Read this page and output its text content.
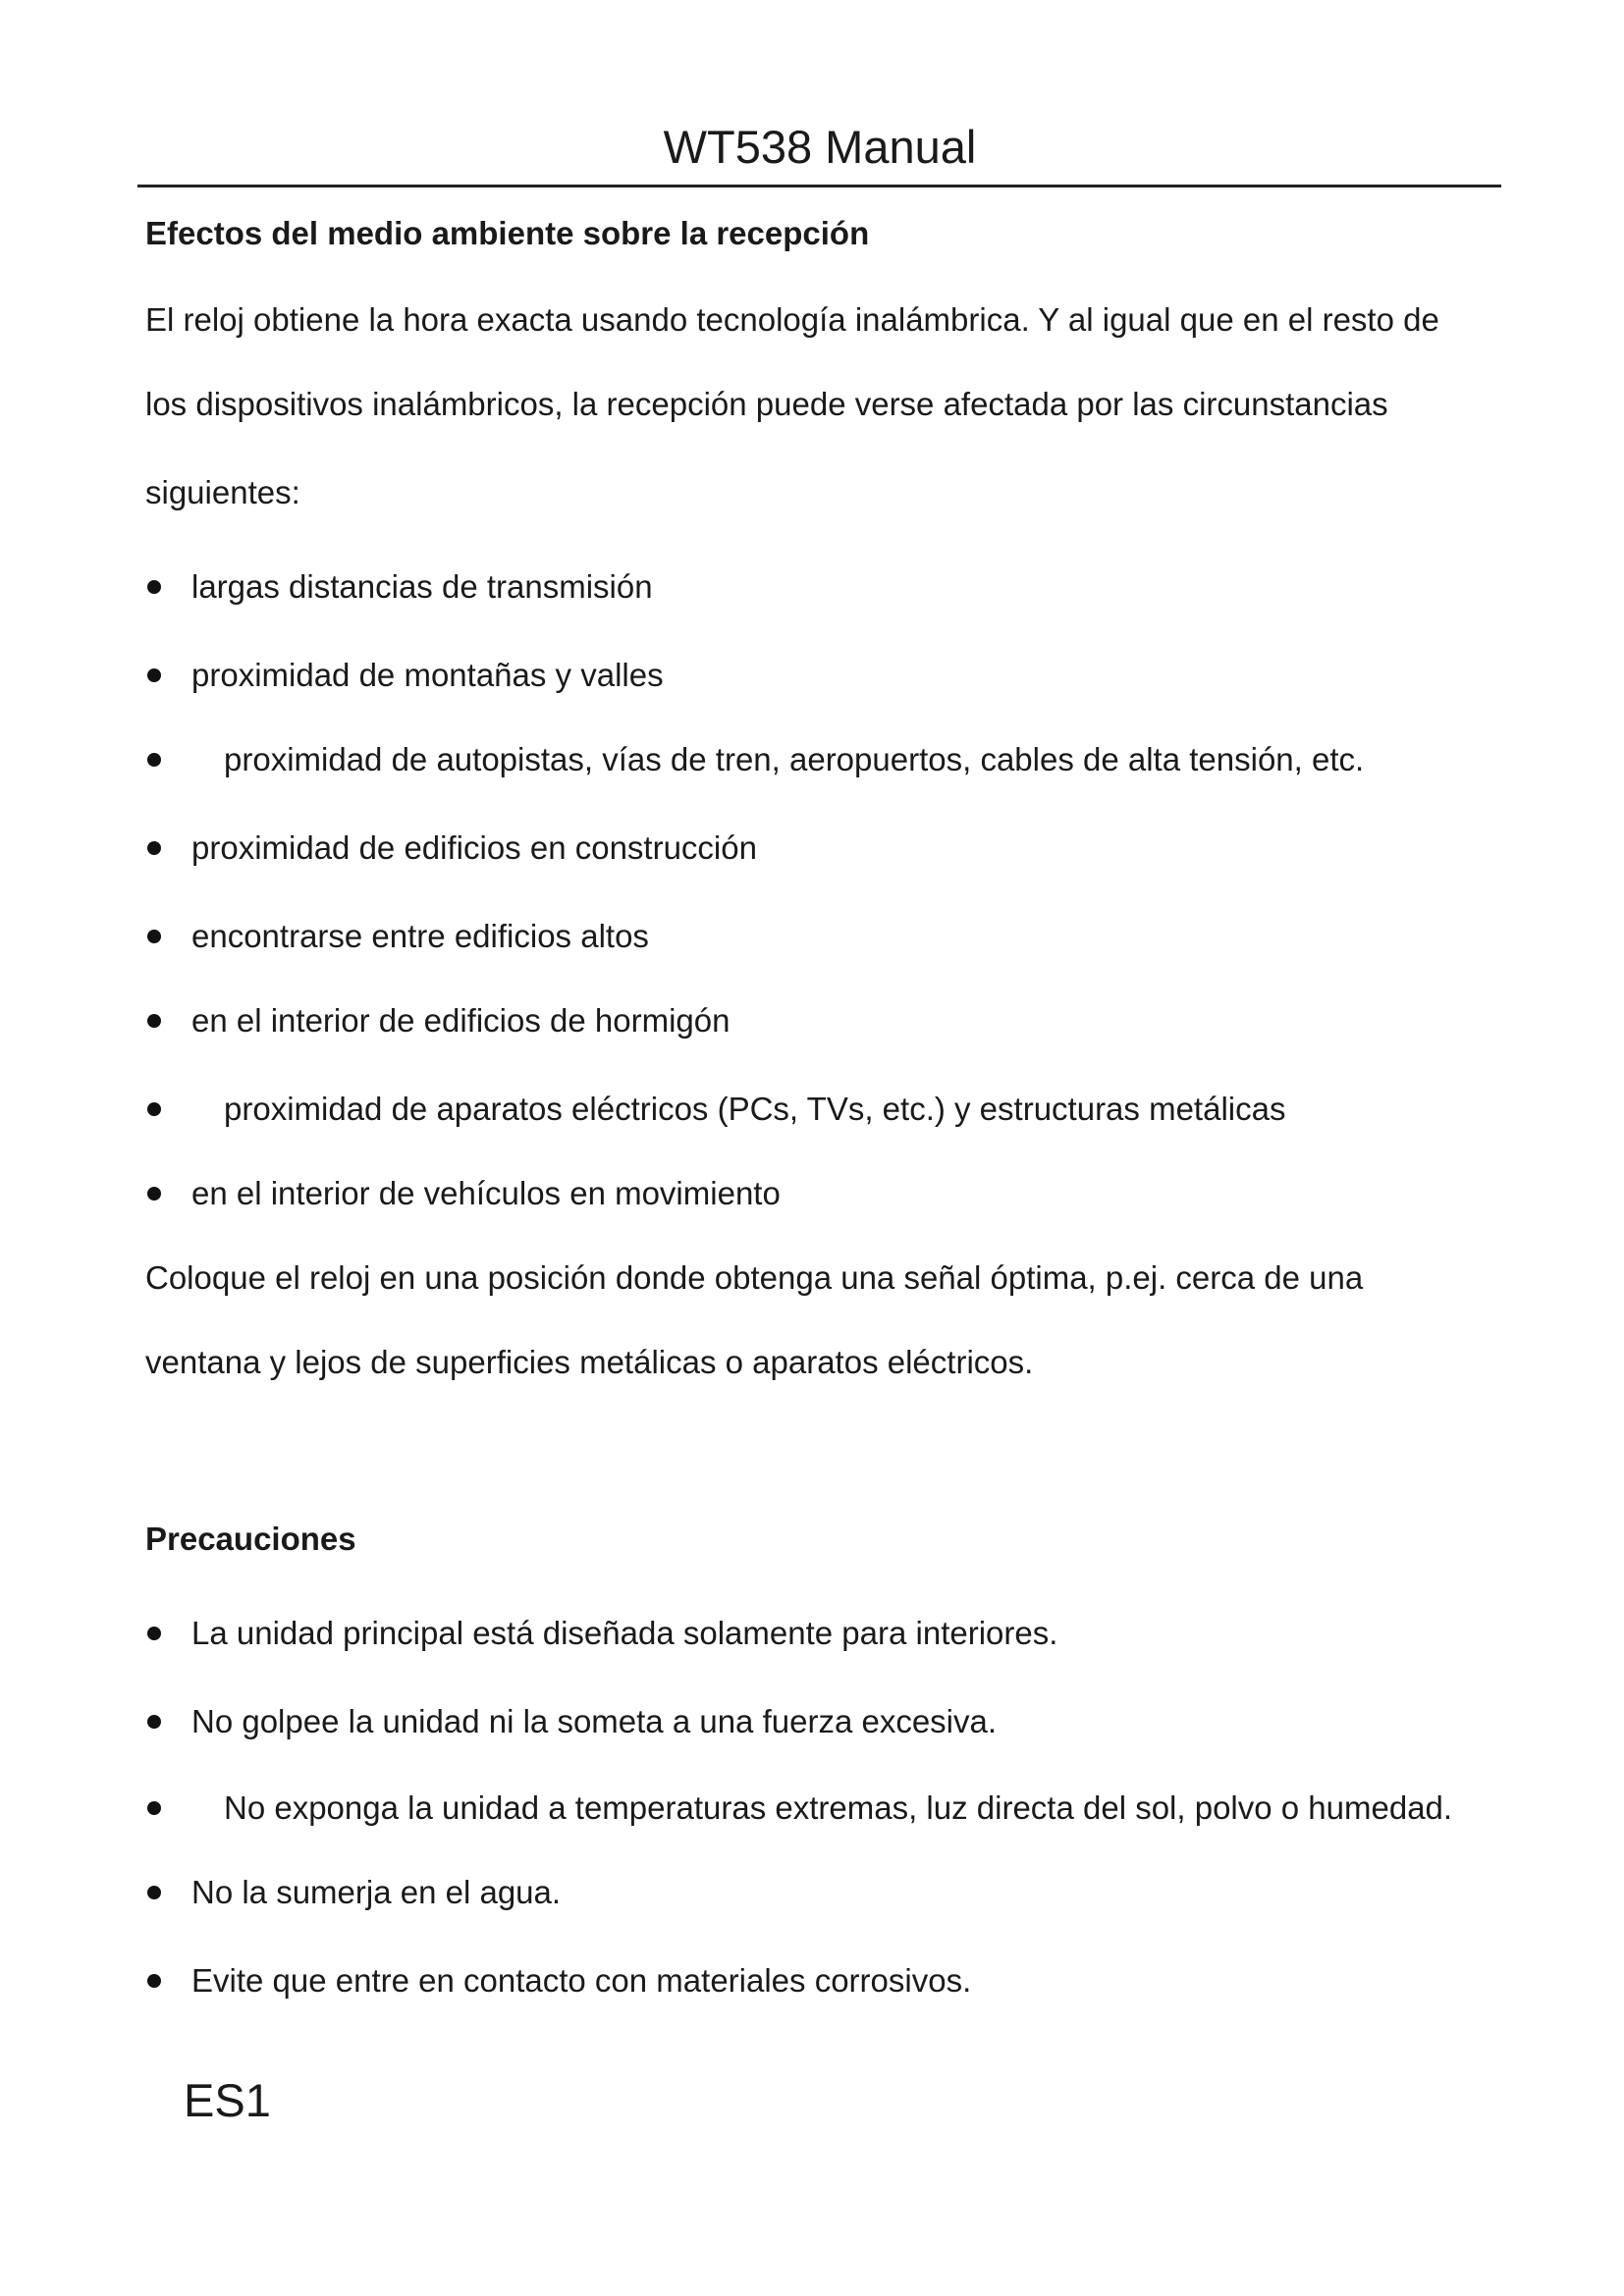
WT538 Manual
Efectos del medio ambiente sobre la recepción
El reloj obtiene la hora exacta usando tecnología inalámbrica. Y al igual que en el resto de
los dispositivos inalámbricos, la recepción puede verse afectada por las circunstancias
siguientes:
largas distancias de transmisión
proximidad de montañas y valles
proximidad de autopistas, vías de tren, aeropuertos, cables de alta tensión, etc.
proximidad de edificios en construcción
encontrarse entre edificios altos
en el interior de edificios de hormigón
proximidad de aparatos eléctricos (PCs, TVs, etc.) y estructuras metálicas
en el interior de vehículos en movimiento
Coloque el reloj en una posición donde obtenga una señal óptima, p.ej. cerca de una
ventana y lejos de superficies metálicas o aparatos eléctricos.
Precauciones
La unidad principal está diseñada solamente para interiores.
No golpee la unidad ni la someta a una fuerza excesiva.
No exponga la unidad a temperaturas extremas, luz directa del sol, polvo o humedad.
No la sumerja en el agua.
Evite que entre en contacto con materiales corrosivos.
ES1
